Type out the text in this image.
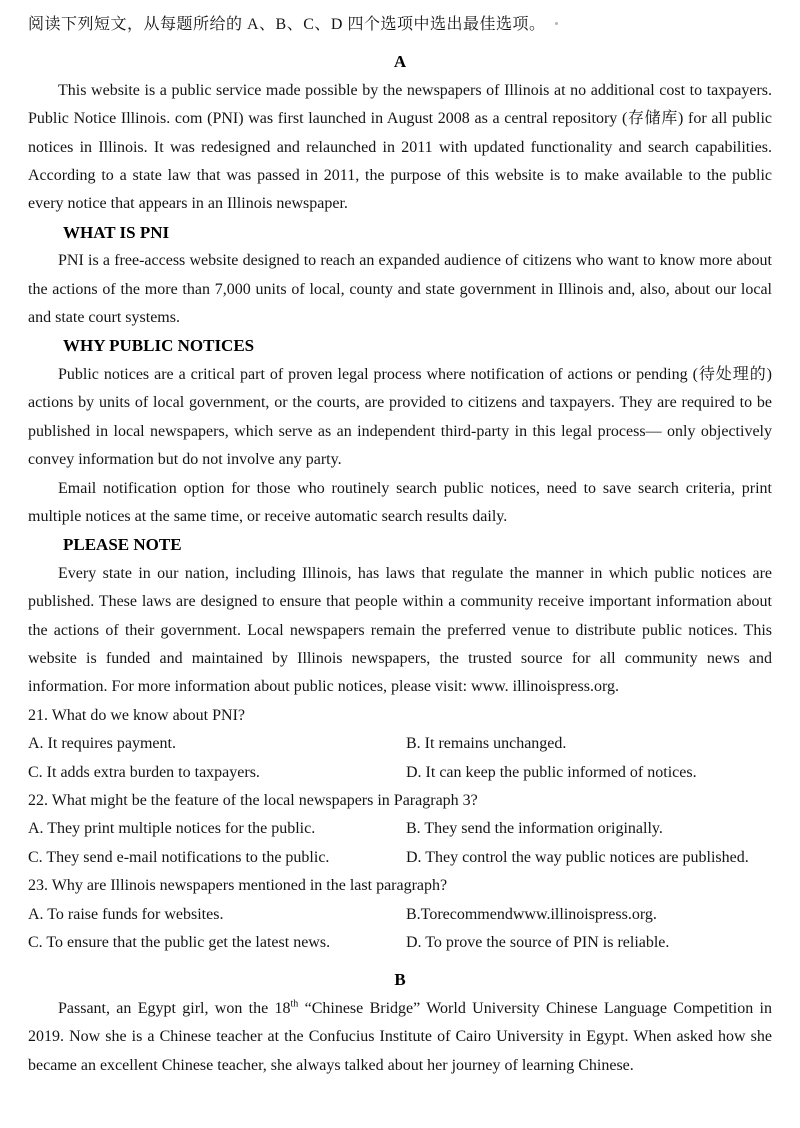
阅读下列短文，从每题所给的 A、B、C、D 四个选项中选出最佳选项。

A

This website is a public service made possible by the newspapers of Illinois at no additional cost to taxpayers. Public Notice Illinois. com (PNI) was first launched in August 2008 as a central repository (存储库) for all public notices in Illinois. It was redesigned and relaunched in 2011 with updated functionality and search capabilities. According to a state law that was passed in 2011, the purpose of this website is to make available to the public every notice that appears in an Illinois newspaper.

WHAT IS PNI

PNI is a free-access website designed to reach an expanded audience of citizens who want to know more about the actions of the more than 7,000 units of local, county and state government in Illinois and, also, about our local and state court systems.

WHY PUBLIC NOTICES

Public notices are a critical part of proven legal process where notification of actions or pending (待处理的) actions by units of local government, or the courts, are provided to citizens and taxpayers. They are required to be published in local newspapers, which serve as an independent third-party in this legal process— only objectively convey information but do not involve any party.

Email notification option for those who routinely search public notices, need to save search criteria, print multiple notices at the same time, or receive automatic search results daily.

PLEASE NOTE

Every state in our nation, including Illinois, has laws that regulate the manner in which public notices are published. These laws are designed to ensure that people within a community receive important information about the actions of their government. Local newspapers remain the preferred venue to distribute public notices. This website is funded and maintained by Illinois newspapers, the trusted source for all community news and information. For more information about public notices, please visit: www. illinoispress.org.

21. What do we know about PNI?

A. It requires payment.	B. It remains unchanged.
C. It adds extra burden to taxpayers.	D. It can keep the public informed of notices.

22. What might be the feature of the local newspapers in Paragraph 3?

A. They print multiple notices for the public.	B. They send the information originally.
C. They send e-mail notifications to the public.	D. They control the way public notices are published.

23. Why are Illinois newspapers mentioned in the last paragraph?

A. To raise funds for websites.	B.Torecommendwww.illinoispress.org.
C. To ensure that the public get the latest news.	D. To prove the source of PIN is reliable.
B

Passant, an Egypt girl, won the 18th “Chinese Bridge” World University Chinese Language Competition in 2019. Now she is a Chinese teacher at the Confucius Institute of Cairo University in Egypt. When asked how she became an excellent Chinese teacher, she always talked about her journey of learning Chinese.
